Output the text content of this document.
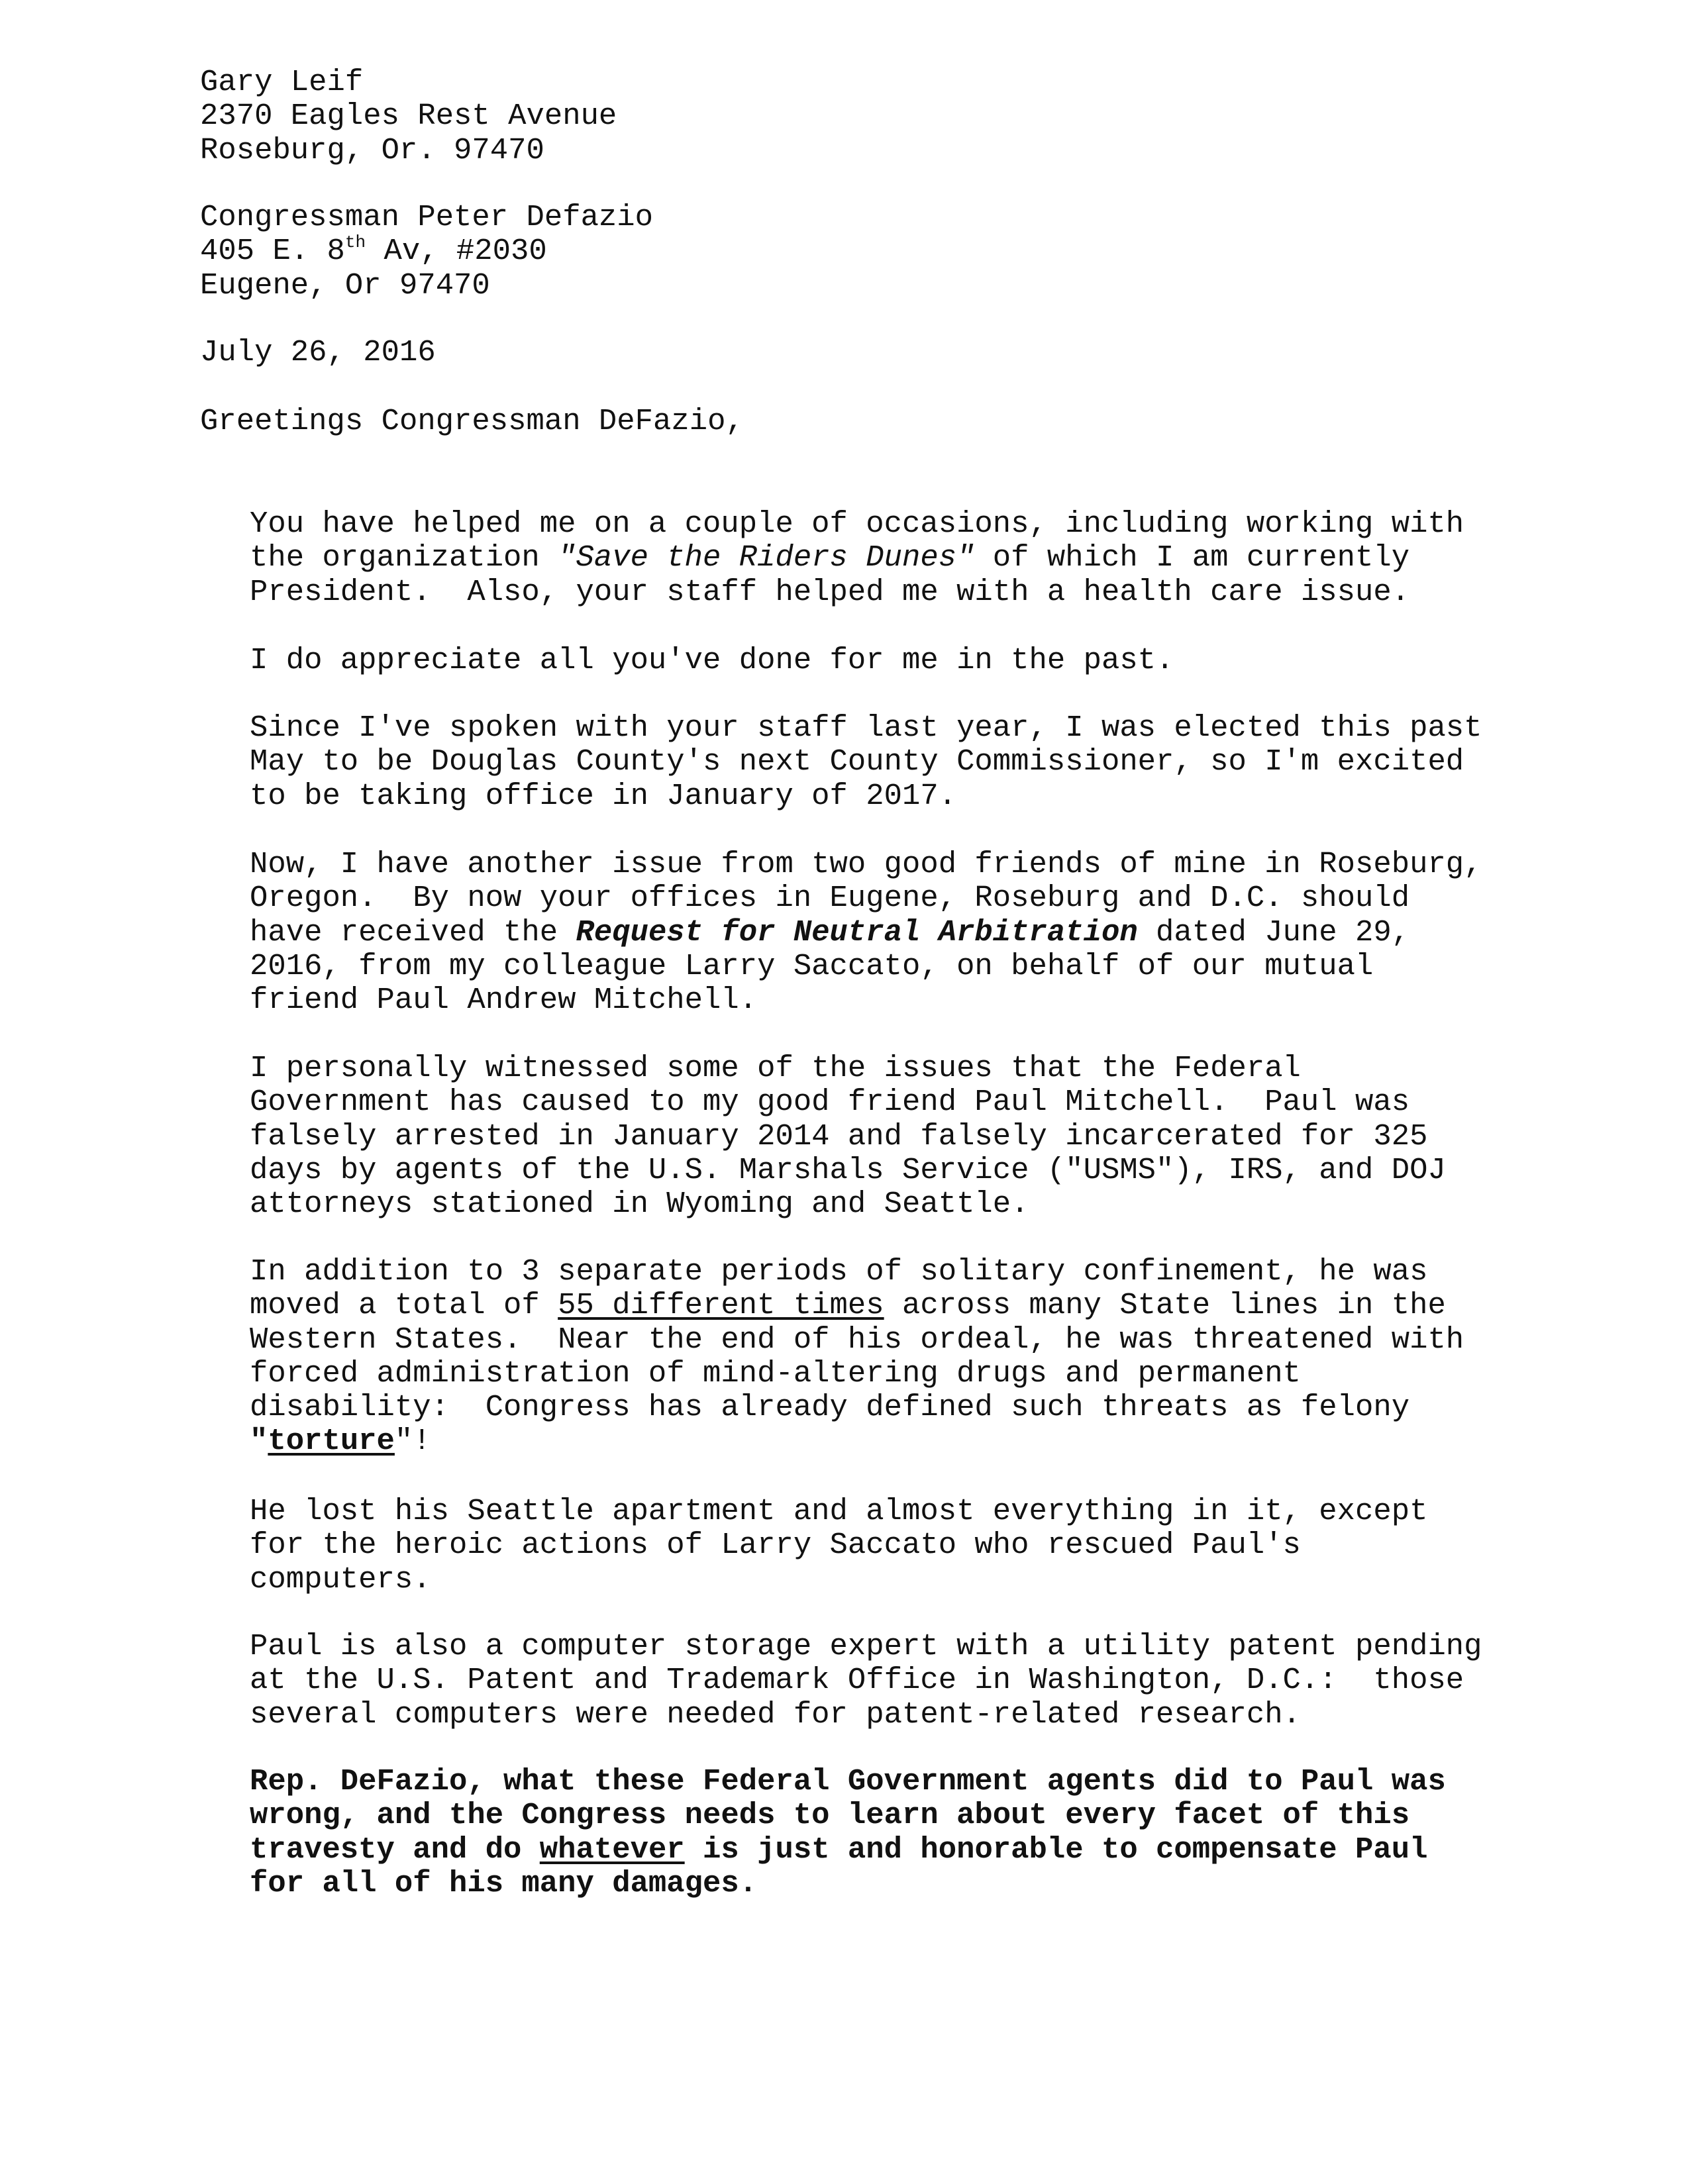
Gary Leif
2370 Eagles Rest Avenue
Roseburg, Or. 97470
Congressman Peter Defazio
405 E. 8th Av, #2030
Eugene, Or 97470
July 26, 2016
Greetings Congressman DeFazio,
You have helped me on a couple of occasions, including working with
the organization "Save the Riders Dunes" of which I am currently
President.  Also, your staff helped me with a health care issue.
I do appreciate all you've done for me in the past.
Since I've spoken with your staff last year, I was elected this past
May to be Douglas County's next County Commissioner, so I'm excited
to be taking office in January of 2017.
Now, I have another issue from two good friends of mine in Roseburg,
Oregon.  By now your offices in Eugene, Roseburg and D.C. should
have received the Request for Neutral Arbitration dated June 29,
2016, from my colleague Larry Saccato, on behalf of our mutual
friend Paul Andrew Mitchell.
I personally witnessed some of the issues that the Federal
Government has caused to my good friend Paul Mitchell.  Paul was
falsely arrested in January 2014 and falsely incarcerated for 325
days by agents of the U.S. Marshals Service ("USMS"), IRS, and DOJ
attorneys stationed in Wyoming and Seattle.
In addition to 3 separate periods of solitary confinement, he was
moved a total of 55 different times across many State lines in the
Western States.  Near the end of his ordeal, he was threatened with
forced administration of mind-altering drugs and permanent
disability:  Congress has already defined such threats as felony
"torture"!
He lost his Seattle apartment and almost everything in it, except
for the heroic actions of Larry Saccato who rescued Paul's
computers.
Paul is also a computer storage expert with a utility patent pending
at the U.S. Patent and Trademark Office in Washington, D.C.:  those
several computers were needed for patent-related research.
Rep. DeFazio, what these Federal Government agents did to Paul was
wrong, and the Congress needs to learn about every facet of this
travesty and do whatever is just and honorable to compensate Paul
for all of his many damages.
